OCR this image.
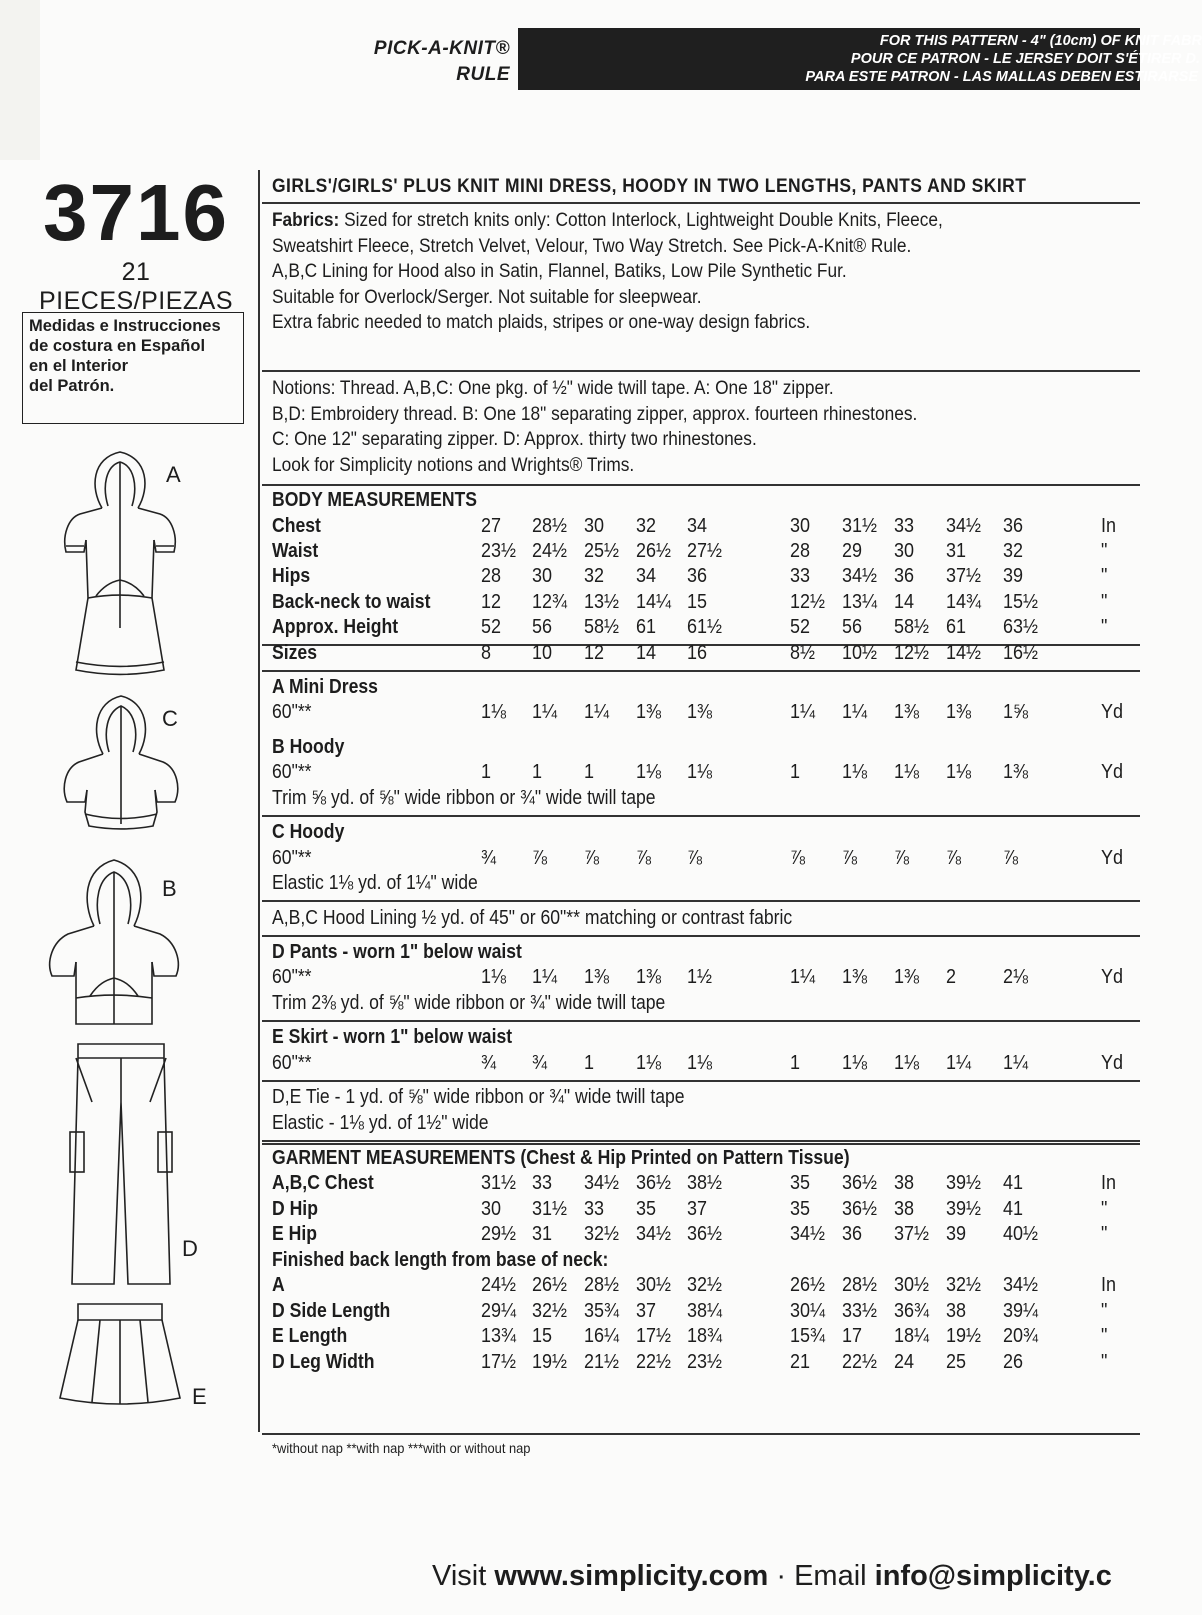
PICK-A-KNIT®
RULE
FOR THIS PATTERN - 4" (10cm) OF KNIT FABR
POUR CE PATRON - LE JERSEY DOIT S'ÉTIRER D.
PARA ESTE PATRON - LAS MALLAS DEBEN ESTIRARSE
3716
21 PIECES/PIEZAS
Medidas e Instrucciones
de costura en Español
en el Interior
del Patrón.
A
C
B
D
E
GIRLS'/GIRLS' PLUS KNIT MINI DRESS, HOODY IN TWO LENGTHS, PANTS AND SKIRT
Fabrics: Sized for stretch knits only: Cotton Interlock, Lightweight Double Knits, Fleece,
Sweatshirt Fleece, Stretch Velvet, Velour, Two Way Stretch. See Pick-A-Knit® Rule.
A,B,C Lining for Hood also in Satin, Flannel, Batiks, Low Pile Synthetic Fur.
Suitable for Overlock/Serger. Not suitable for sleepwear.
Extra fabric needed to match plaids, stripes or one-way design fabrics.
Notions: Thread. A,B,C: One pkg. of ½" wide twill tape. A: One 18" zipper.
B,D: Embroidery thread. B: One 18" separating zipper, approx. fourteen rhinestones.
C: One 12" separating zipper. D: Approx. thirty two rhinestones.
Look for Simplicity notions and Wrights® Trims.
BODY MEASUREMENTS
Chest	27 28½ 30 32 34	30 31½ 33 34½ 36	In
Waist	23½ 24½ 25½ 26½ 27½	28 29 30 31 32	"
Hips	28 30 32 34 36	33 34½ 36 37½ 39	"
Back-neck to waist	12 12¾ 13½ 14¼ 15	12½ 13¼ 14 14¾ 15½	"
Approx. Height	52 56 58½ 61 61½	52 56 58½ 61 63½	"
Sizes	8 10 12 14 16	8½ 10½ 12½ 14½ 16½
A Mini Dress
60"**	1⅛ 1¼ 1¼ 1⅜ 1⅜	1¼ 1¼ 1⅜ 1⅜ 1⅝	Yd
B Hoody
60"**	1 1 1 1⅛ 1⅛	1 1⅛ 1⅛ 1⅛ 1⅜	Yd
Trim ⅝ yd. of ⅝" wide ribbon or ¾" wide twill tape
C Hoody
60"**	¾ ⅞ ⅞ ⅞ ⅞	⅞ ⅞ ⅞ ⅞ ⅞	Yd
Elastic 1⅛ yd. of 1¼" wide
A,B,C Hood Lining ½ yd. of 45" or 60"** matching or contrast fabric
D Pants - worn 1" below waist
60"**	1⅛ 1¼ 1⅜ 1⅜ 1½	1¼ 1⅜ 1⅜ 2 2⅛	Yd
Trim 2⅜ yd. of ⅝" wide ribbon or ¾" wide twill tape
E Skirt - worn 1" below waist
60"**	¾ ¾ 1 1⅛ 1⅛	1 1⅛ 1⅛ 1¼ 1¼	Yd
D,E Tie - 1 yd. of ⅝" wide ribbon or ¾" wide twill tape
Elastic - 1⅛ yd. of 1½" wide
GARMENT MEASUREMENTS (Chest & Hip Printed on Pattern Tissue)
A,B,C Chest	31½ 33 34½ 36½ 38½	35 36½ 38 39½ 41	In
D Hip	30 31½ 33 35 37	35 36½ 38 39½ 41	"
E Hip	29½ 31 32½ 34½ 36½	34½ 36 37½ 39 40½	"
Finished back length from base of neck:
A	24½ 26½ 28½ 30½ 32½	26½ 28½ 30½ 32½ 34½	In
D Side Length	29¼ 32½ 35¾ 37 38¼	30¼ 33½ 36¾ 38 39¼	"
E Length	13¾ 15 16¼ 17½ 18¾	15¾ 17 18¼ 19½ 20¾	"
D Leg Width	17½ 19½ 21½ 22½ 23½	21 22½ 24 25 26	"
*without nap **with nap ***with or without nap
Visit www.simplicity.com · Email info@simplicity.c
